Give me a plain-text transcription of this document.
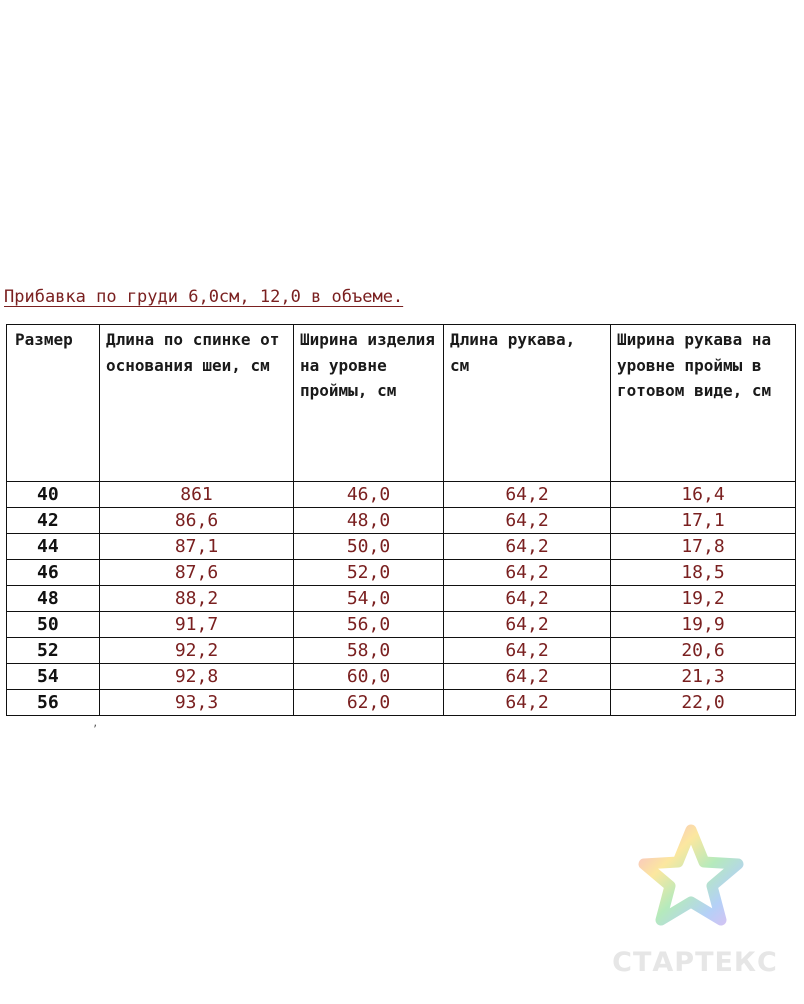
Прибавка по груди 6,0см, 12,0 в объеме.
Размер	Длина по спинке от основания шеи, см	Ширина изделия на уровне проймы, см	Длина рукава, см	Ширина рукава на уровне проймы в готовом виде, см
40	861	46,0	64,2	16,4
42	86,6	48,0	64,2	17,1
44	87,1	50,0	64,2	17,8
46	87,6	52,0	64,2	18,5
48	88,2	54,0	64,2	19,2
50	91,7	56,0	64,2	19,9
52	92,2	58,0	64,2	20,6
54	92,8	60,0	64,2	21,3
56	93,3	62,0	64,2	22,0
ʼ
СТАРТЕКС
